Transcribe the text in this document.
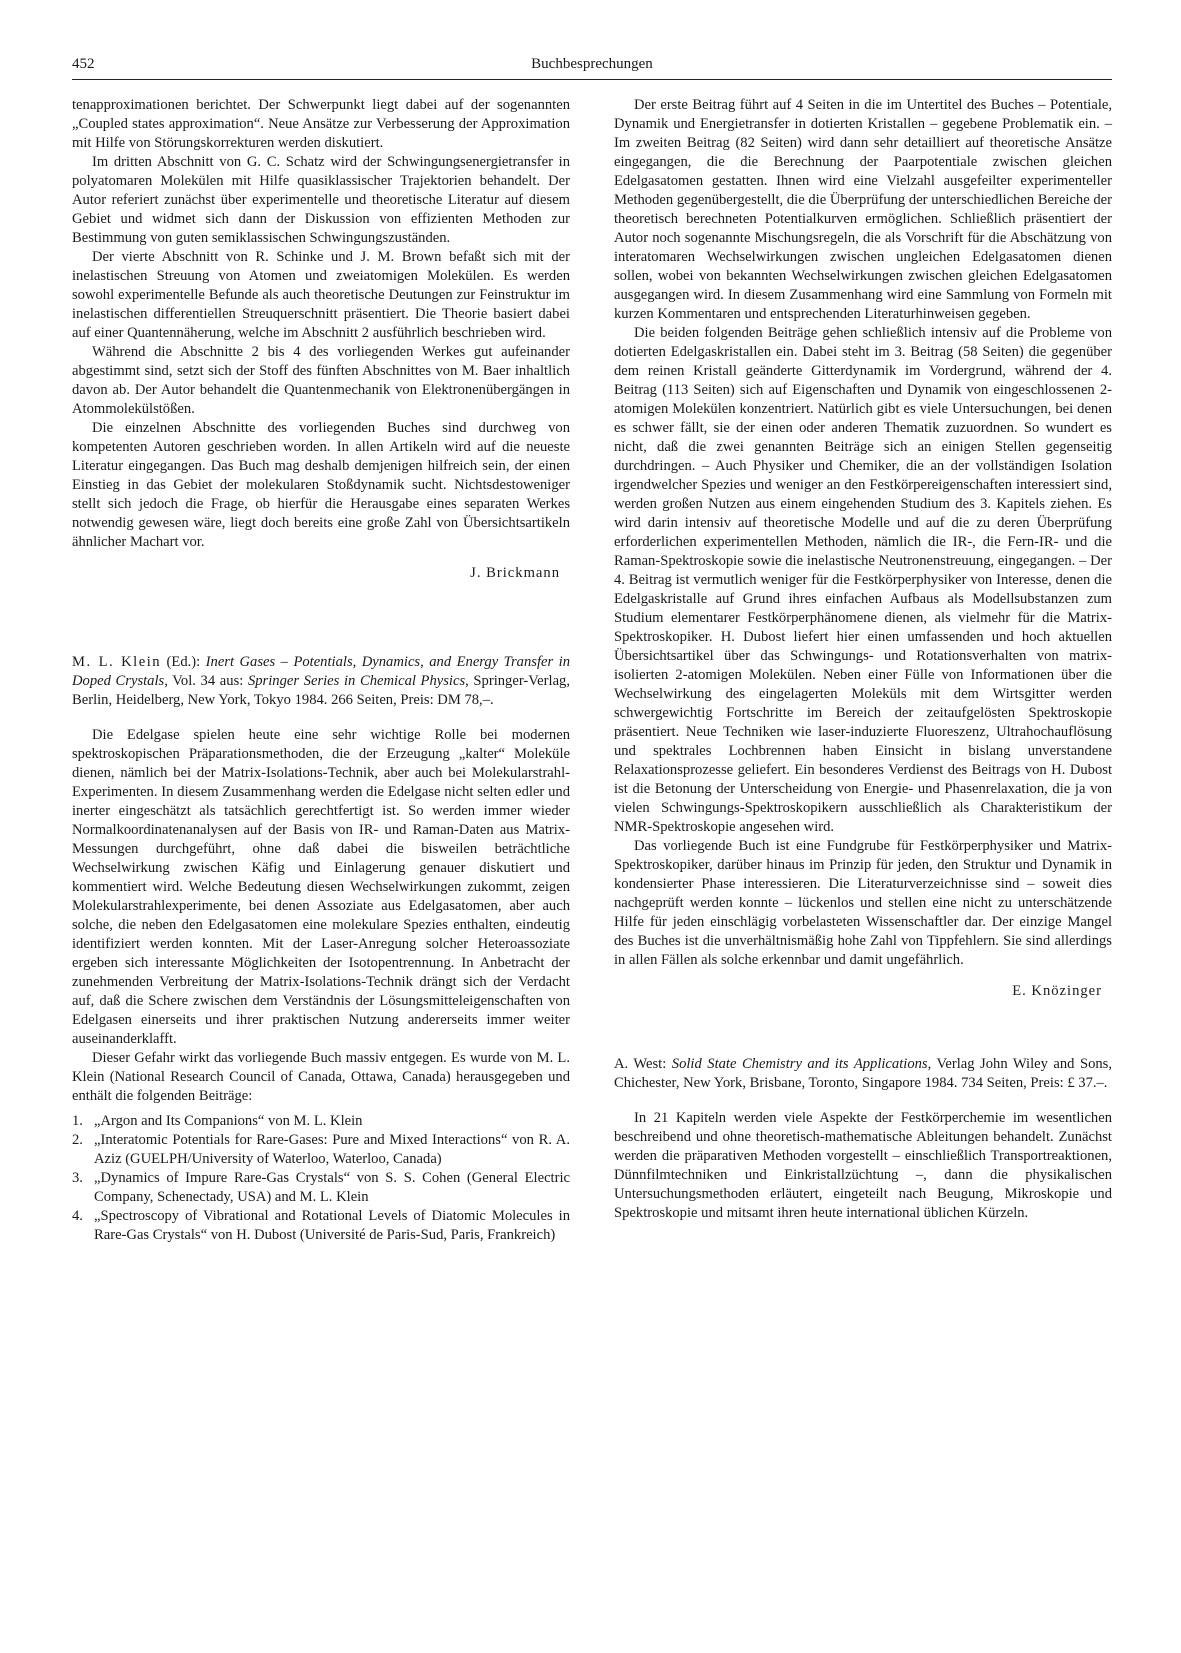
452	Buchbesprechungen

tenapproximationen berichtet. Der Schwerpunkt liegt dabei auf der sogenannten „Coupled states approximation“. Neue Ansätze zur Verbesserung der Approximation mit Hilfe von Störungskorrekturen werden diskutiert.

Im dritten Abschnitt von G. C. Schatz wird der Schwingungsenergietransfer in polyatomaren Molekülen mit Hilfe quasiklassischer Trajektorien behandelt. Der Autor referiert zunächst über experimentelle und theoretische Literatur auf diesem Gebiet und widmet sich dann der Diskussion von effizienten Methoden zur Bestimmung von guten semiklassischen Schwingungszuständen.

Der vierte Abschnitt von R. Schinke und J. M. Brown befaßt sich mit der inelastischen Streuung von Atomen und zweiatomigen Molekülen. Es werden sowohl experimentelle Befunde als auch theoretische Deutungen zur Feinstruktur im inelastischen differentiellen Streuquerschnitt präsentiert. Die Theorie basiert dabei auf einer Quantennäherung, welche im Abschnitt 2 ausführlich beschrieben wird.

Während die Abschnitte 2 bis 4 des vorliegenden Werkes gut aufeinander abgestimmt sind, setzt sich der Stoff des fünften Abschnittes von M. Baer inhaltlich davon ab. Der Autor behandelt die Quantenmechanik von Elektronenübergängen in Atommolekülstößen.

Die einzelnen Abschnitte des vorliegenden Buches sind durchweg von kompetenten Autoren geschrieben worden. In allen Artikeln wird auf die neueste Literatur eingegangen. Das Buch mag deshalb demjenigen hilfreich sein, der einen Einstieg in das Gebiet der molekularen Stoßdynamik sucht. Nichtsdestoweniger stellt sich jedoch die Frage, ob hierfür die Herausgabe eines separaten Werkes notwendig gewesen wäre, liegt doch bereits eine große Zahl von Übersichtsartikeln ähnlicher Machart vor.

J. Brickmann

M. L. Klein (Ed.): Inert Gases – Potentials, Dynamics, and Energy Transfer in Doped Crystals, Vol. 34 aus: Springer Series in Chemical Physics, Springer-Verlag, Berlin, Heidelberg, New York, Tokyo 1984. 266 Seiten, Preis: DM 78,–.

Die Edelgase spielen heute eine sehr wichtige Rolle bei modernen spektroskopischen Präparationsmethoden, die der Erzeugung „kalter“ Moleküle dienen, nämlich bei der Matrix-Isolations-Technik, aber auch bei Molekularstrahl-Experimenten. In diesem Zusammenhang werden die Edelgase nicht selten edler und inerter eingeschätzt als tatsächlich gerechtfertigt ist. So werden immer wieder Normalkoordinatenanalysen auf der Basis von IR- und Raman-Daten aus Matrix-Messungen durchgeführt, ohne daß dabei die bisweilen beträchtliche Wechselwirkung zwischen Käfig und Einlagerung genauer diskutiert und kommentiert wird. Welche Bedeutung diesen Wechselwirkungen zukommt, zeigen Molekularstrahlexperimente, bei denen Assoziate aus Edelgasatomen, aber auch solche, die neben den Edelgasatomen eine molekulare Spezies enthalten, eindeutig identifiziert werden konnten. Mit der Laser-Anregung solcher Heteroassoziate ergeben sich interessante Möglichkeiten der Isotopentrennung. In Anbetracht der zunehmenden Verbreitung der Matrix-Isolations-Technik drängt sich der Verdacht auf, daß die Schere zwischen dem Verständnis der Lösungsmitteleigenschaften von Edelgasen einerseits und ihrer praktischen Nutzung andererseits immer weiter auseinanderklafft.

Dieser Gefahr wirkt das vorliegende Buch massiv entgegen. Es wurde von M. L. Klein (National Research Council of Canada, Ottawa, Canada) herausgegeben und enthält die folgenden Beiträge:

1. „Argon and Its Companions“ von M. L. Klein
2. „Interatomic Potentials for Rare-Gases: Pure and Mixed Interactions“ von R. A. Aziz (GUELPH/University of Waterloo, Waterloo, Canada)
3. „Dynamics of Impure Rare-Gas Crystals“ von S. S. Cohen (General Electric Company, Schenectady, USA) and M. L. Klein
4. „Spectroscopy of Vibrational and Rotational Levels of Diatomic Molecules in Rare-Gas Crystals“ von H. Dubost (Université de Paris-Sud, Paris, Frankreich)

Der erste Beitrag führt auf 4 Seiten in die im Untertitel des Buches – Potentiale, Dynamik und Energietransfer in dotierten Kristallen – gegebene Problematik ein. – Im zweiten Beitrag (82 Seiten) wird dann sehr detailliert auf theoretische Ansätze eingegangen, die die Berechnung der Paarpotentiale zwischen gleichen Edelgasatomen gestatten. Ihnen wird eine Vielzahl ausgefeilter experimenteller Methoden gegenübergestellt, die die Überprüfung der unterschiedlichen Bereiche der theoretisch berechneten Potentialkurven ermöglichen. Schließlich präsentiert der Autor noch sogenannte Mischungsregeln, die als Vorschrift für die Abschätzung von interatomaren Wechselwirkungen zwischen ungleichen Edelgasatomen dienen sollen, wobei von bekannten Wechselwirkungen zwischen gleichen Edelgasatomen ausgegangen wird. In diesem Zusammenhang wird eine Sammlung von Formeln mit kurzen Kommentaren und entsprechenden Literaturhinweisen gegeben.

Die beiden folgenden Beiträge gehen schließlich intensiv auf die Probleme von dotierten Edelgaskristallen ein. Dabei steht im 3. Beitrag (58 Seiten) die gegenüber dem reinen Kristall geänderte Gitterdynamik im Vordergrund, während der 4. Beitrag (113 Seiten) sich auf Eigenschaften und Dynamik von eingeschlossenen 2-atomigen Molekülen konzentriert. Natürlich gibt es viele Untersuchungen, bei denen es schwer fällt, sie der einen oder anderen Thematik zuzuordnen. So wundert es nicht, daß die zwei genannten Beiträge sich an einigen Stellen gegenseitig durchdringen. – Auch Physiker und Chemiker, die an der vollständigen Isolation irgendwelcher Spezies und weniger an den Festkörpereigenschaften interessiert sind, werden großen Nutzen aus einem eingehenden Studium des 3. Kapitels ziehen. Es wird darin intensiv auf theoretische Modelle und auf die zu deren Überprüfung erforderlichen experimentellen Methoden, nämlich die IR-, die Fern-IR- und die Raman-Spektroskopie sowie die inelastische Neutronenstreuung, eingegangen. – Der 4. Beitrag ist vermutlich weniger für die Festkörperphysiker von Interesse, denen die Edelgaskristalle auf Grund ihres einfachen Aufbaus als Modellsubstanzen zum Studium elementarer Festkörperphänomene dienen, als vielmehr für die Matrix-Spektroskopiker. H. Dubost liefert hier einen umfassenden und hoch aktuellen Übersichtsartikel über das Schwingungs- und Rotationsverhalten von matrix-isolierten 2-atomigen Molekülen. Neben einer Fülle von Informationen über die Wechselwirkung des eingelagerten Moleküls mit dem Wirtsgitter werden schwergewichtig Fortschritte im Bereich der zeitaufgelösten Spektroskopie präsentiert. Neue Techniken wie laser-induzierte Fluoreszenz, Ultrahochauflösung und spektrales Lochbrennen haben Einsicht in bislang unverstandene Relaxationsprozesse geliefert. Ein besonderes Verdienst des Beitrags von H. Dubost ist die Betonung der Unterscheidung von Energie- und Phasenrelaxation, die ja von vielen Schwingungs-Spektroskopikern ausschließlich als Charakteristikum der NMR-Spektroskopie angesehen wird.

Das vorliegende Buch ist eine Fundgrube für Festkörperphysiker und Matrix-Spektroskopiker, darüber hinaus im Prinzip für jeden, den Struktur und Dynamik in kondensierter Phase interessieren. Die Literaturverzeichnisse sind – soweit dies nachgeprüft werden konnte – lückenlos und stellen eine nicht zu unterschätzende Hilfe für jeden einschlägig vorbelasteten Wissenschaftler dar. Der einzige Mangel des Buches ist die unverhältnismäßig hohe Zahl von Tippfehlern. Sie sind allerdings in allen Fällen als solche erkennbar und damit ungefährlich.

E. Knözinger

A. West: Solid State Chemistry and its Applications, Verlag John Wiley and Sons, Chichester, New York, Brisbane, Toronto, Singapore 1984. 734 Seiten, Preis: £ 37.–.

In 21 Kapiteln werden viele Aspekte der Festkörperchemie im wesentlichen beschreibend und ohne theoretisch-mathematische Ableitungen behandelt. Zunächst werden die präparativen Methoden vorgestellt – einschließlich Transportreaktionen, Dünnfilmtechniken und Einkristallzüchtung –, dann die physikalischen Untersuchungsmethoden erläutert, eingeteilt nach Beugung, Mikroskopie und Spektroskopie und mitsamt ihren heute international üblichen Kürzeln.
